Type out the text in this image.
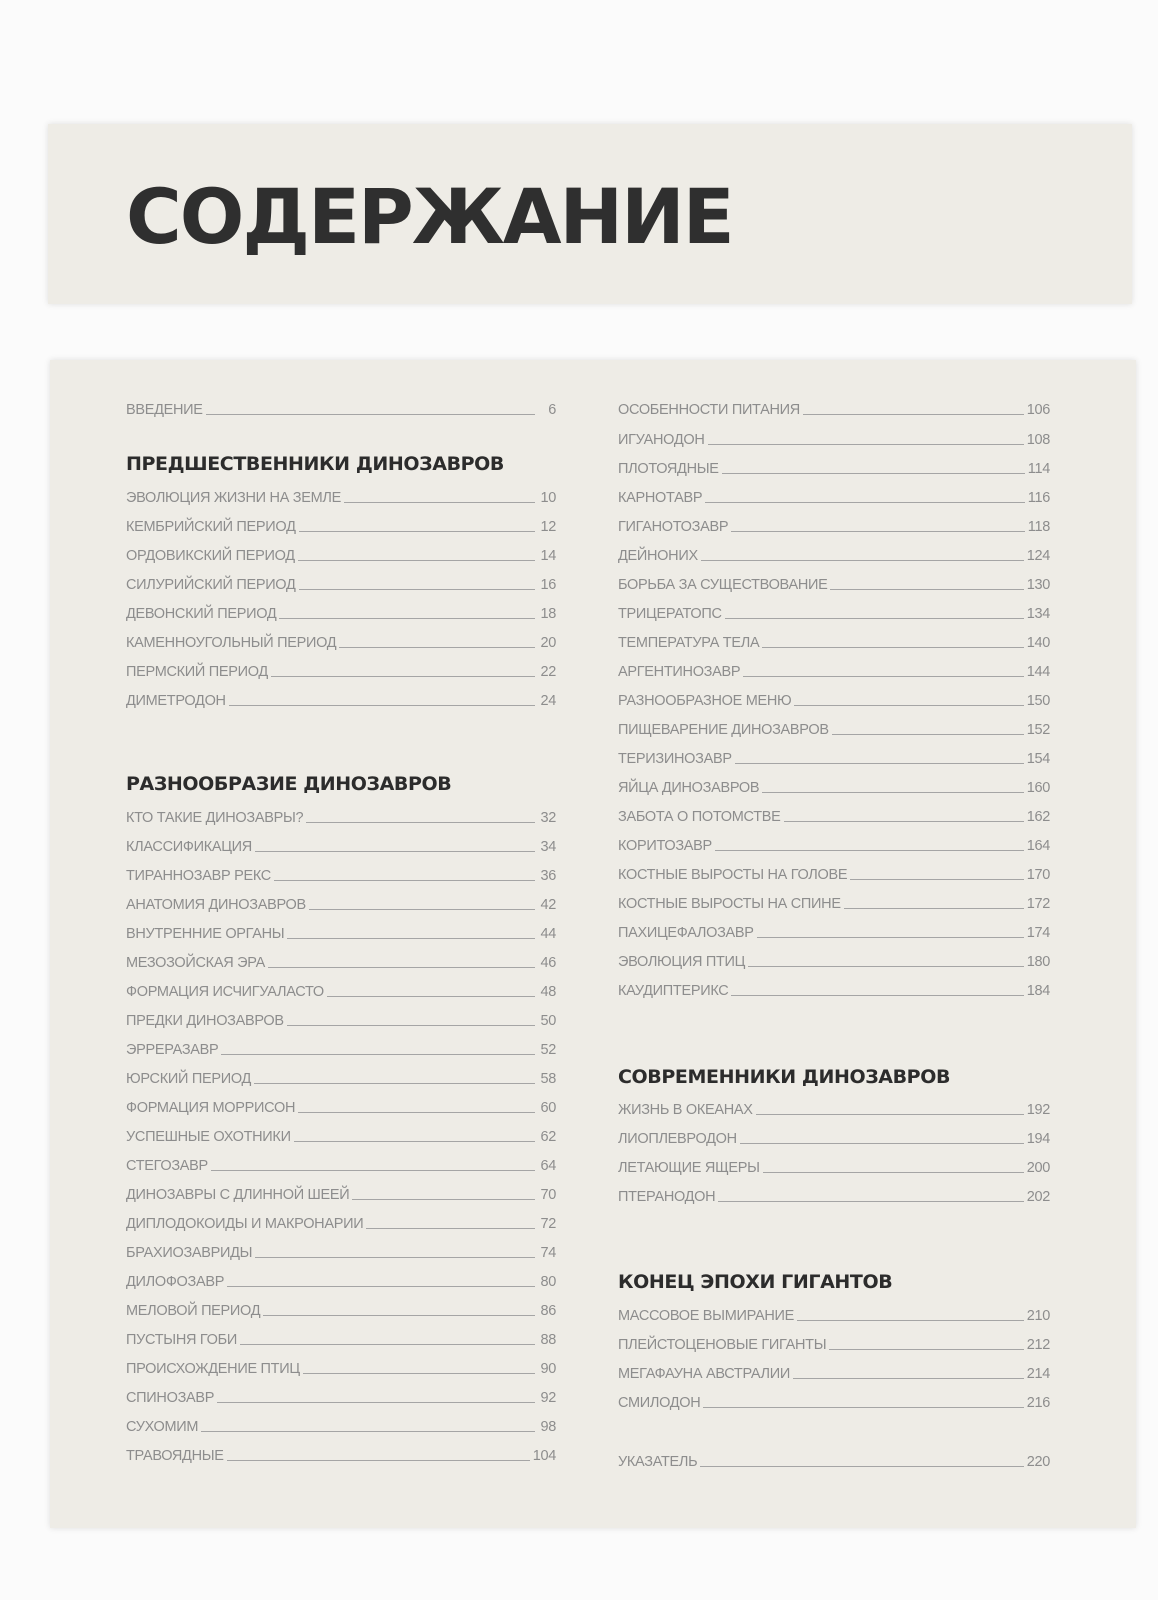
СОДЕРЖАНИЕ
ВВЕДЕНИЕ	6
ПРЕДШЕСТВЕННИКИ ДИНОЗАВРОВ
ЭВОЛЮЦИЯ ЖИЗНИ НА ЗЕМЛЕ	10
КЕМБРИЙСКИЙ ПЕРИОД	12
ОРДОВИКСКИЙ ПЕРИОД	14
СИЛУРИЙСКИЙ ПЕРИОД	16
ДЕВОНСКИЙ ПЕРИОД	18
КАМЕННОУГОЛЬНЫЙ ПЕРИОД	20
ПЕРМСКИЙ ПЕРИОД	22
ДИМЕТРОДОН	24
РАЗНООБРАЗИЕ ДИНОЗАВРОВ
КТО ТАКИЕ ДИНОЗАВРЫ?	32
КЛАССИФИКАЦИЯ	34
ТИРАННОЗАВР РЕКС	36
АНАТОМИЯ ДИНОЗАВРОВ	42
ВНУТРЕННИЕ ОРГАНЫ	44
МЕЗОЗОЙСКАЯ ЭРА	46
ФОРМАЦИЯ ИСЧИГУАЛАСТО	48
ПРЕДКИ ДИНОЗАВРОВ	50
ЭРРЕРАЗАВР	52
ЮРСКИЙ ПЕРИОД	58
ФОРМАЦИЯ МОРРИСОН	60
УСПЕШНЫЕ ОХОТНИКИ	62
СТЕГОЗАВР	64
ДИНОЗАВРЫ С ДЛИННОЙ ШЕЕЙ	70
ДИПЛОДОКОИДЫ И МАКРОНАРИИ	72
БРАХИОЗАВРИДЫ	74
ДИЛОФОЗАВР	80
МЕЛОВОЙ ПЕРИОД	86
ПУСТЫНЯ ГОБИ	88
ПРОИСХОЖДЕНИЕ ПТИЦ	90
СПИНОЗАВР	92
СУХОМИМ	98
ТРАВОЯДНЫЕ	104
ОСОБЕННОСТИ ПИТАНИЯ	106
ИГУАНОДОН	108
ПЛОТОЯДНЫЕ	114
КАРНОТАВР	116
ГИГАНОТОЗАВР	118
ДЕЙНОНИХ	124
БОРЬБА ЗА СУЩЕСТВОВАНИЕ	130
ТРИЦЕРАТОПС	134
ТЕМПЕРАТУРА ТЕЛА	140
АРГЕНТИНОЗАВР	144
РАЗНООБРАЗНОЕ МЕНЮ	150
ПИЩЕВАРЕНИЕ ДИНОЗАВРОВ	152
ТЕРИЗИНОЗАВР	154
ЯЙЦА ДИНОЗАВРОВ	160
ЗАБОТА О ПОТОМСТВЕ	162
КОРИТОЗАВР	164
КОСТНЫЕ ВЫРОСТЫ НА ГОЛОВЕ	170
КОСТНЫЕ ВЫРОСТЫ НА СПИНЕ	172
ПАХИЦЕФАЛОЗАВР	174
ЭВОЛЮЦИЯ ПТИЦ	180
КАУДИПТЕРИКС	184
СОВРЕМЕННИКИ ДИНОЗАВРОВ
ЖИЗНЬ В ОКЕАНАХ	192
ЛИОПЛЕВРОДОН	194
ЛЕТАЮЩИЕ ЯЩЕРЫ	200
ПТЕРАНОДОН	202
КОНЕЦ ЭПОХИ ГИГАНТОВ
МАССОВОЕ ВЫМИРАНИЕ	210
ПЛЕЙСТОЦЕНОВЫЕ ГИГАНТЫ	212
МЕГАФАУНА АВСТРАЛИИ	214
СМИЛОДОН	216
УКАЗАТЕЛЬ	220
